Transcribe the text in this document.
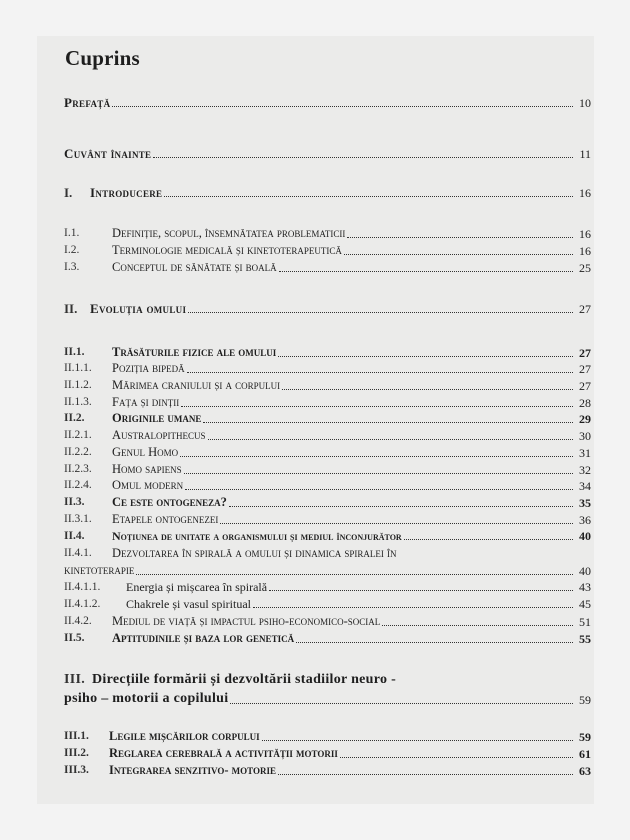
Cuprins
Prefață	10
Cuvânt înainte	11
I.	Introducere	16
I.1.	Definiție, scopul, însemnătatea problematicii	16
I.2.	Terminologie medicală și kinetoterapeutică	16
I.3.	Conceptul de sănătate și boală	25
II. Evoluția omului	27
II.1.	Trăsăturile fizice ale omului	27
II.1.1.	Poziția bipedă	27
II.1.2.	Mărimea craniului și a corpului	27
II.1.3.	Fața și dinții	28
II.2.	Originile umane	29
II.2.1.	Australopithecus	30
II.2.2.	Genul Homo	31
II.2.3.	Homo sapiens	32
II.2.4.	Omul modern	34
II.3.	Ce este ontogeneza?	35
II.3.1.	Etapele ontogenezei	36
II.4.	Noțiunea de unitate a organismului și mediul înconjurător	40
II.4.1.	Dezvoltarea în spirală a omului și dinamica spiralei în
kinetoterapie	40
II.4.1.1.	Energia și mișcarea în spirală	43
II.4.1.2.	Chakrele și vasul spiritual	45
II.4.2.	Mediul de viață și impactul psiho-economico-social	51
II.5.	Aptitudinile și baza lor genetică	55
III. Direcțiile formării și dezvoltării stadiilor neuro -
psiho – motorii a copilului	59
III.1.	Legile mișcărilor corpului	59
III.2.	Reglarea cerebrală a activității motorii	61
III.3.	Integrarea senzitivo- motorie	63
